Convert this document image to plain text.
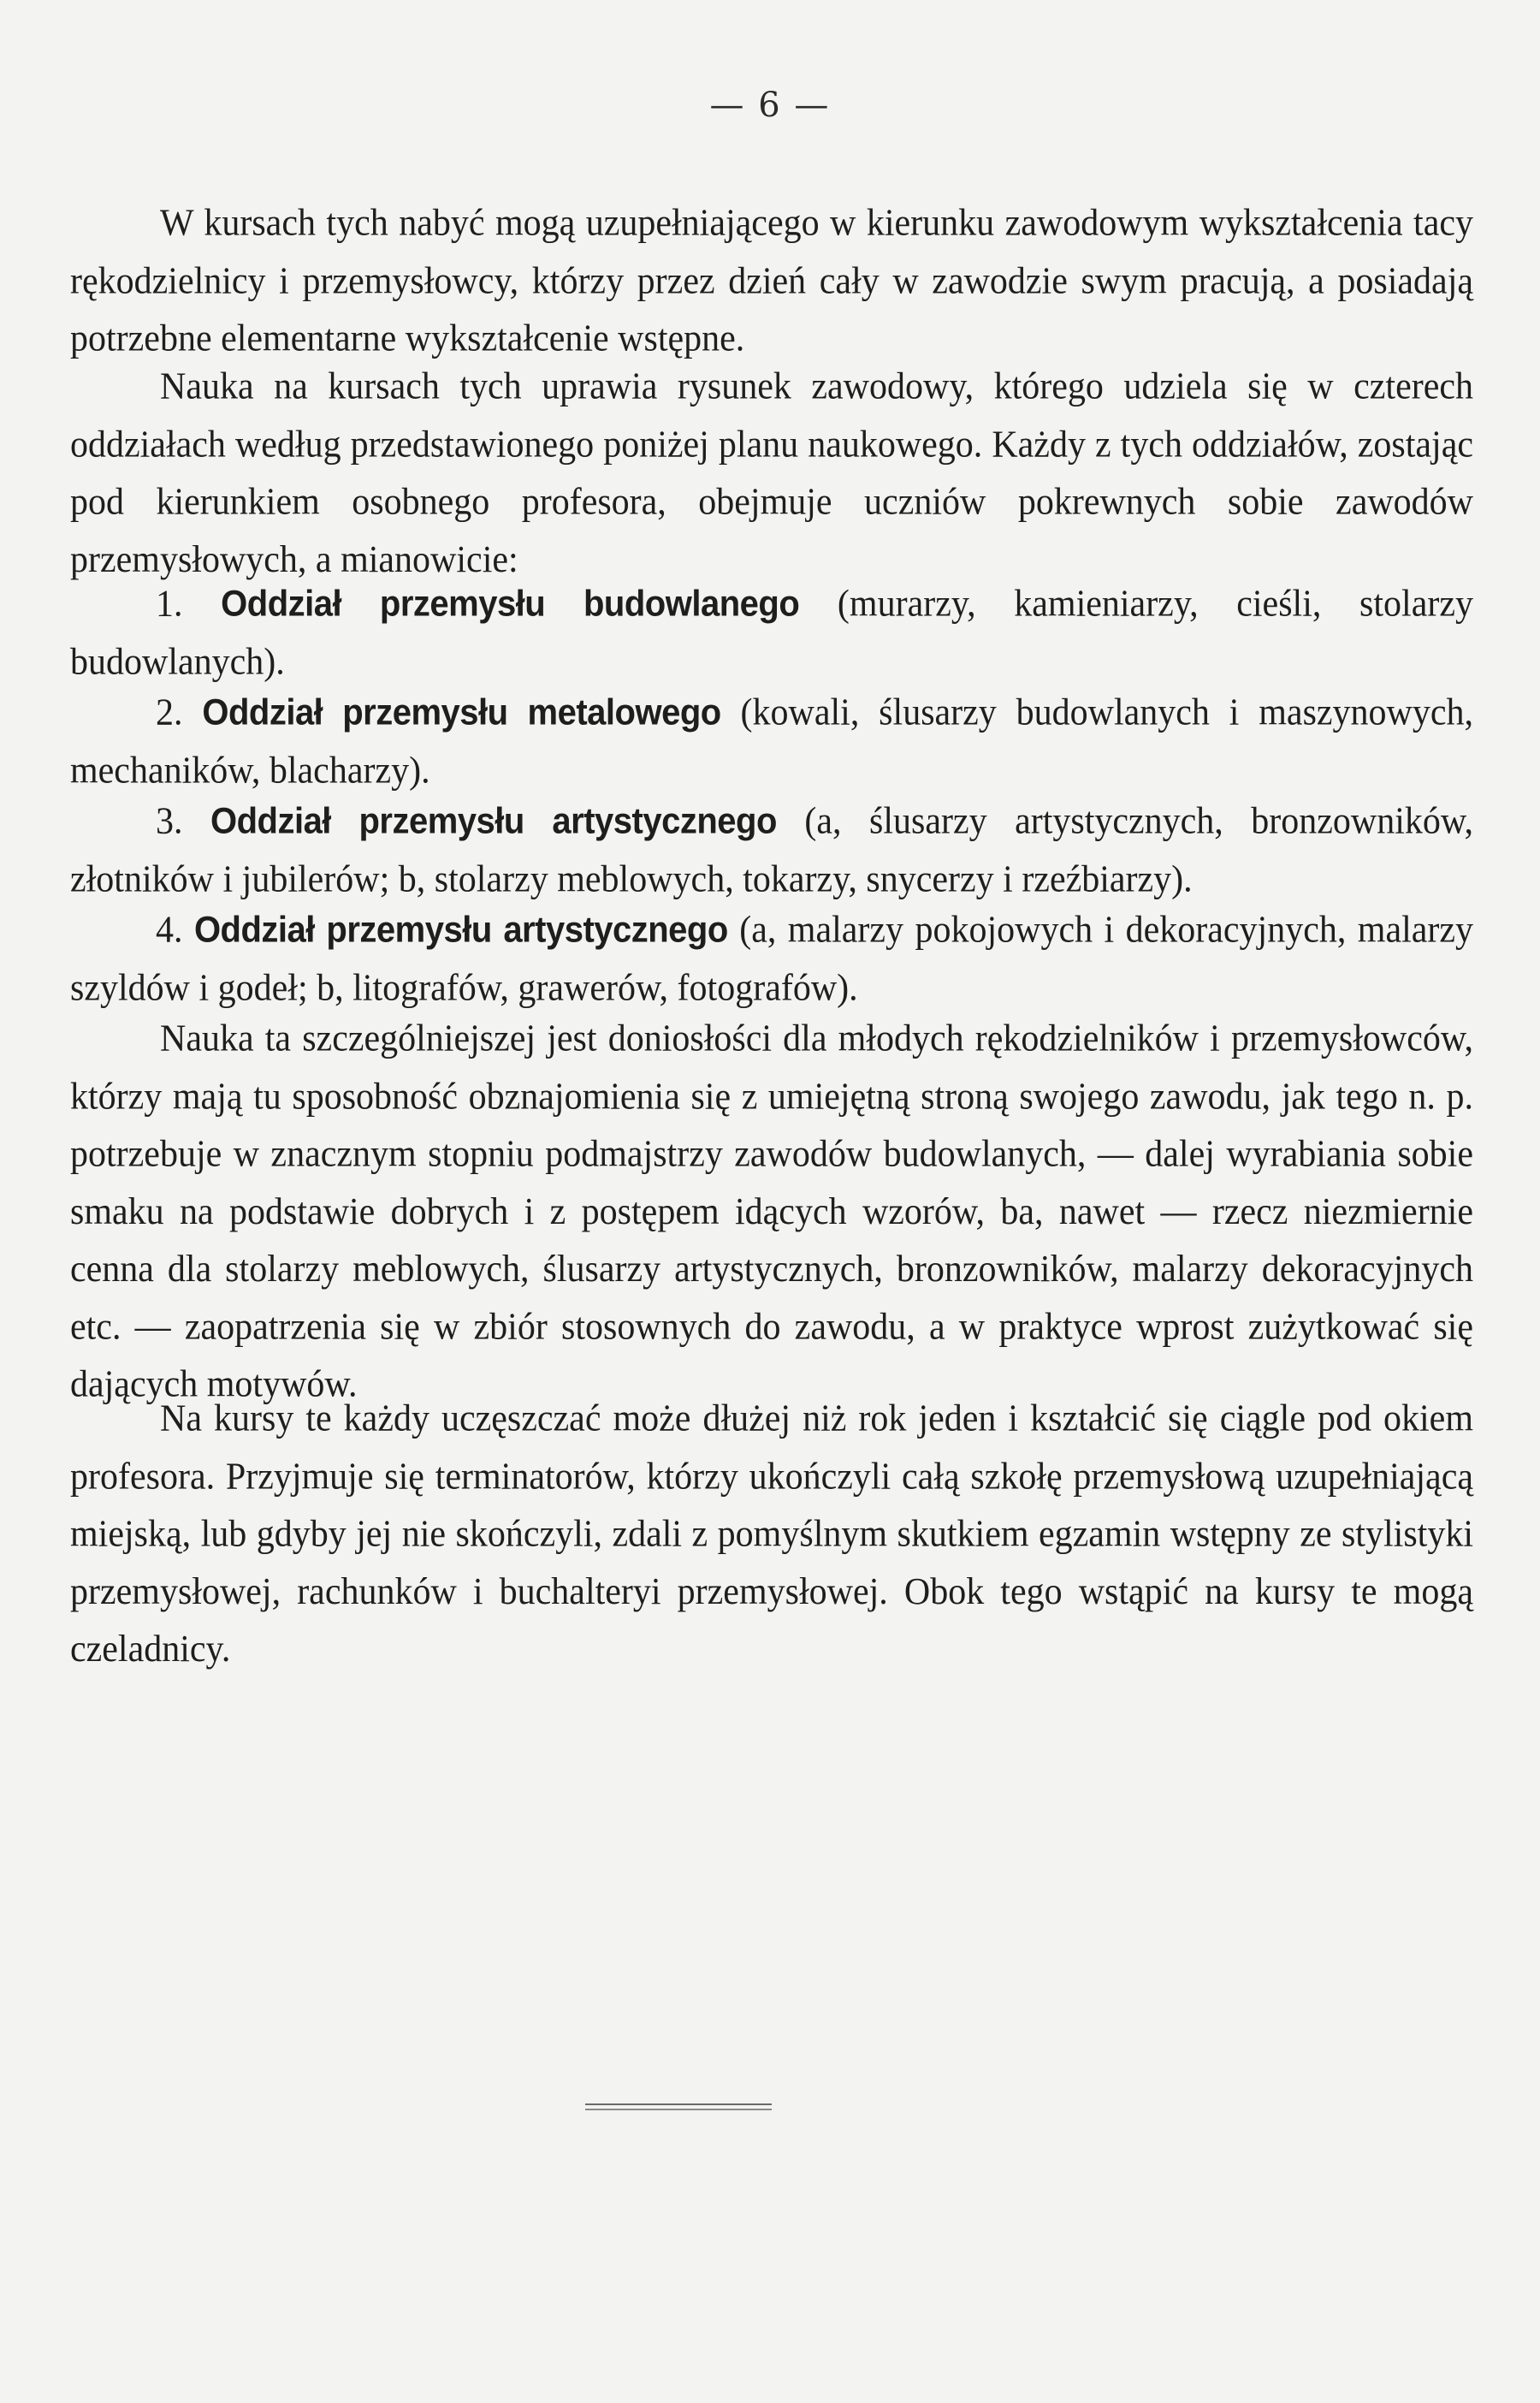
— 6 —

W kursach tych nabyć mogą uzupełniającego w kierunku zawodowym wykształcenia tacy rękodzielnicy i przemysłowcy, którzy przez dzień cały w zawodzie swym pracują, a posiadają potrzebne elementarne wykształcenie wstępne.

Nauka na kursach tych uprawia rysunek zawodowy, którego udziela się w czterech oddziałach według przedstawionego poniżej planu naukowego. Każdy z tych oddziałów, zostając pod kierunkiem osobnego profesora, obejmuje uczniów pokrewnych sobie zawodów przemysłowych, a mianowicie:

1. Oddział przemysłu budowlanego (murarzy, kamieniarzy, cieśli, stolarzy budowlanych).

2. Oddział przemysłu metalowego (kowali, ślusarzy budowlanych i maszynowych, mechaników, blacharzy).

3. Oddział przemysłu artystycznego (a, ślusarzy artystycznych, bronzowników, złotników i jubilerów; b, stolarzy meblowych, tokarzy, snycerzy i rzeźbiarzy).

4. Oddział przemysłu artystycznego (a, malarzy pokojowych i dekoracyjnych, malarzy szyldów i godeł; b, litografów, grawerów, fotografów).

Nauka ta szczególniejszej jest doniosłości dla młodych rękodzielników i przemysłowców, którzy mają tu sposobność obznajomienia się z umiejętną stroną swojego zawodu, jak tego n. p. potrzebuje w znacznym stopniu podmajstrzy zawodów budowlanych, — dalej wyrabiania sobie smaku na podstawie dobrych i z postępem idących wzorów, ba, nawet — rzecz niezmiernie cenna dla stolarzy meblowych, ślusarzy artystycznych, bronzowników, malarzy dekoracyjnych etc. — zaopatrzenia się w zbiór stosownych do zawodu, a w praktyce wprost zużytkować się dających motywów.

Na kursy te każdy uczęszczać może dłużej niż rok jeden i kształcić się ciągle pod okiem profesora. Przyjmuje się terminatorów, którzy ukończyli całą szkołę przemysłową uzupełniającą miejską, lub gdyby jej nie skończyli, zdali z pomyślnym skutkiem egzamin wstępny ze stylistyki przemysłowej, rachunków i buchalteryi przemysłowej. Obok tego wstąpić na kursy te mogą czeladnicy.
